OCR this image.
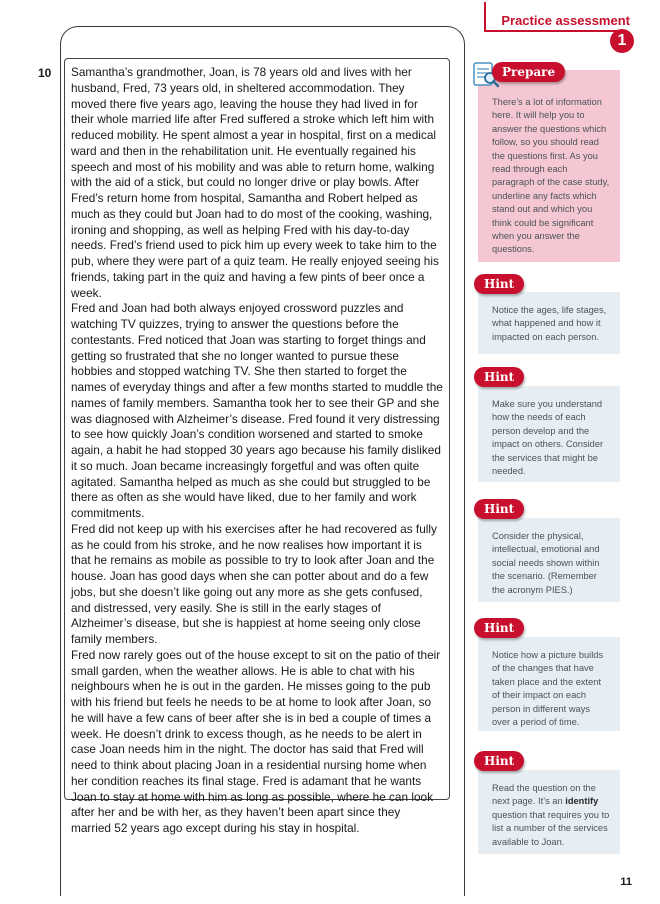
Practice assessment
1
10 Samantha’s grandmother, Joan, is 78 years old and lives with her husband, Fred, 73 years old, in sheltered accommodation. They moved there five years ago, leaving the house they had lived in for their whole married life after Fred suffered a stroke which left him with reduced mobility. He spent almost a year in hospital, first on a medical ward and then in the rehabilitation unit. He eventually regained his speech and most of his mobility and was able to return home, walking with the aid of a stick, but could no longer drive or play bowls. After Fred’s return home from hospital, Samantha and Robert helped as much as they could but Joan had to do most of the cooking, washing, ironing and shopping, as well as helping Fred with his day-to-day needs. Fred’s friend used to pick him up every week to take him to the pub, where they were part of a quiz team. He really enjoyed seeing his friends, taking part in the quiz and having a few pints of beer once a week.

Fred and Joan had both always enjoyed crossword puzzles and watching TV quizzes, trying to answer the questions before the contestants. Fred noticed that Joan was starting to forget things and getting so frustrated that she no longer wanted to pursue these hobbies and stopped watching TV. She then started to forget the names of everyday things and after a few months started to muddle the names of family members. Samantha took her to see their GP and she was diagnosed with Alzheimer’s disease. Fred found it very distressing to see how quickly Joan’s condition worsened and started to smoke again, a habit he had stopped 30 years ago because his family disliked it so much. Joan became increasingly forgetful and was often quite agitated. Samantha helped as much as she could but struggled to be there as often as she would have liked, due to her family and work commitments.

Fred did not keep up with his exercises after he had recovered as fully as he could from his stroke, and he now realises how important it is that he remains as mobile as possible to try to look after Joan and the house. Joan has good days when she can potter about and do a few jobs, but she doesn’t like going out any more as she gets confused, and distressed, very easily. She is still in the early stages of Alzheimer’s disease, but she is happiest at home seeing only close family members.

Fred now rarely goes out of the house except to sit on the patio of their small garden, when the weather allows. He is able to chat with his neighbours when he is out in the garden. He misses going to the pub with his friend but feels he needs to be at home to look after Joan, so he will have a few cans of beer after she is in bed a couple of times a week. He doesn’t drink to excess though, as he needs to be alert in case Joan needs him in the night. The doctor has said that Fred will need to think about placing Joan in a residential nursing home when her condition reaches its final stage. Fred is adamant that he wants Joan to stay at home with him as long as possible, where he can look after her and be with her, as they haven’t been apart since they married 52 years ago except during his stay in hospital.

There’s a lot of information here. It will help you to answer the questions which follow, so you should read the questions first. As you read through each paragraph of the case study, underline any facts which stand out and which you think could be significant when you answer the questions.
Prepare
Notice the ages, life stages, what happened and how it impacted on each person.
Hint
Make sure you understand how the needs of each person develop and the impact on others. Consider the services that might be needed.
Hint
Consider the physical, intellectual, emotional and social needs shown within the scenario. (Remember the acronym PIES.)
Hint
Notice how a picture builds of the changes that have taken place and the extent of their impact on each person in different ways over a period of time.
Hint
Read the question on the next page. It’s an identify question that requires you to list a number of the services available to Joan.
Hint
11
